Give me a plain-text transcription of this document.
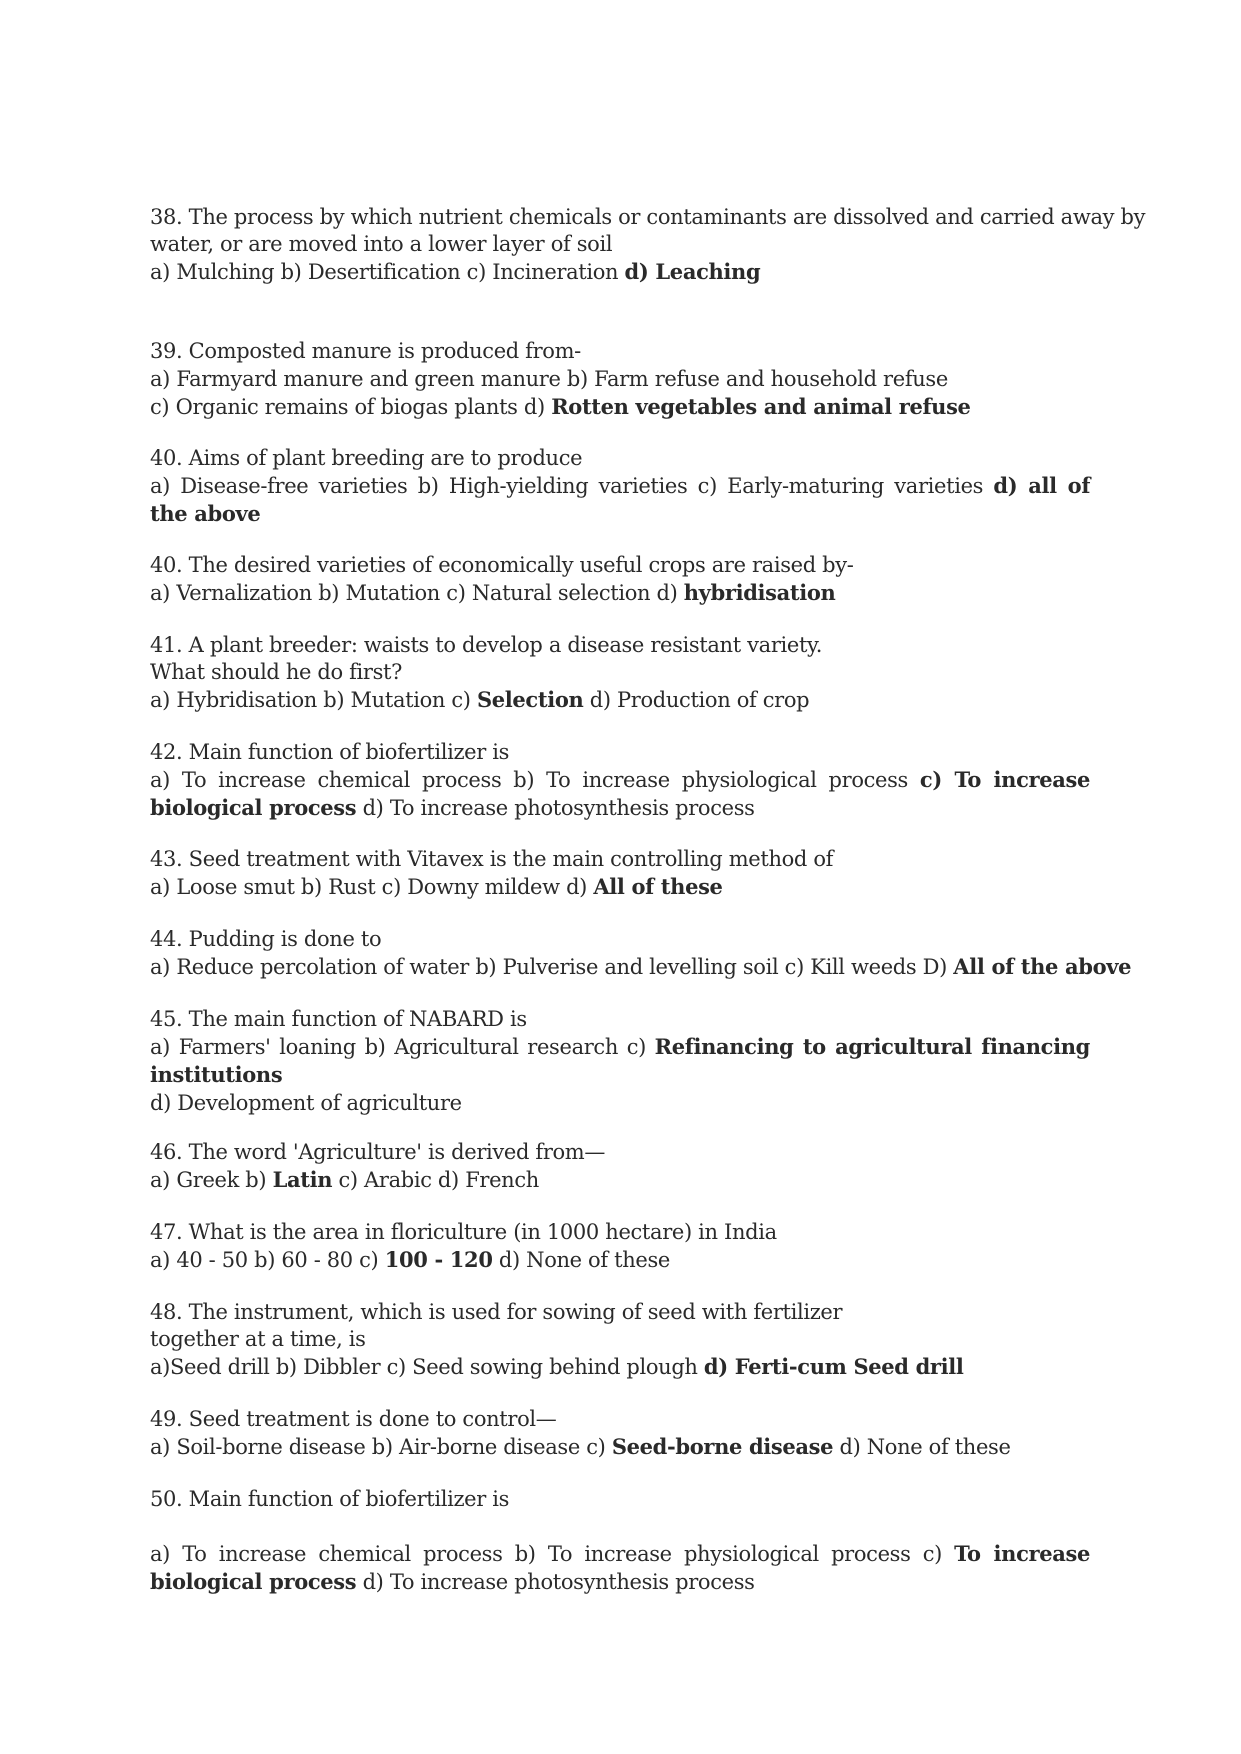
38. The process by which nutrient chemicals or contaminants are dissolved and carried away by
water, or are moved into a lower layer of soil
a) Mulching b) Desertification c) Incineration d) Leaching
39. Composted manure is produced from-
a) Farmyard manure and green manure b) Farm refuse and household refuse
c) Organic remains of biogas plants d) Rotten vegetables and animal refuse
40. Aims of plant breeding are to produce
a) Disease-free varieties b) High-yielding varieties c) Early-maturing varieties d) all of the above
40. The desired varieties of economically useful crops are raised by-
a) Vernalization b) Mutation c) Natural selection d) hybridisation
41. A plant breeder: waists to develop a disease resistant variety.
What should he do first?
a) Hybridisation b) Mutation c) Selection d) Production of crop
42. Main function of biofertilizer is
a) To increase chemical process b) To increase physiological process c) To increase biological process d) To increase photosynthesis process
43. Seed treatment with Vitavex is the main controlling method of
a) Loose smut b) Rust c) Downy mildew d) All of these
44. Pudding is done to
a) Reduce percolation of water b) Pulverise and levelling soil c) Kill weeds D) All of the above
45. The main function of NABARD is
a) Farmers' loaning b) Agricultural research c) Refinancing to agricultural financing institutions
d) Development of agriculture
46. The word 'Agriculture' is derived from—
a) Greek b) Latin c) Arabic d) French
47. What is the area in floriculture (in 1000 hectare) in India
a) 40 - 50 b) 60 - 80 c) 100 - 120 d) None of these
48. The instrument, which is used for sowing of seed with fertilizer
together at a time, is
a)Seed drill b) Dibbler c) Seed sowing behind plough d) Ferti-cum Seed drill
49. Seed treatment is done to control—
a) Soil-borne disease b) Air-borne disease c) Seed-borne disease d) None of these
50. Main function of biofertilizer is
a) To increase chemical process b) To increase physiological process c) To increase biological process d) To increase photosynthesis process
